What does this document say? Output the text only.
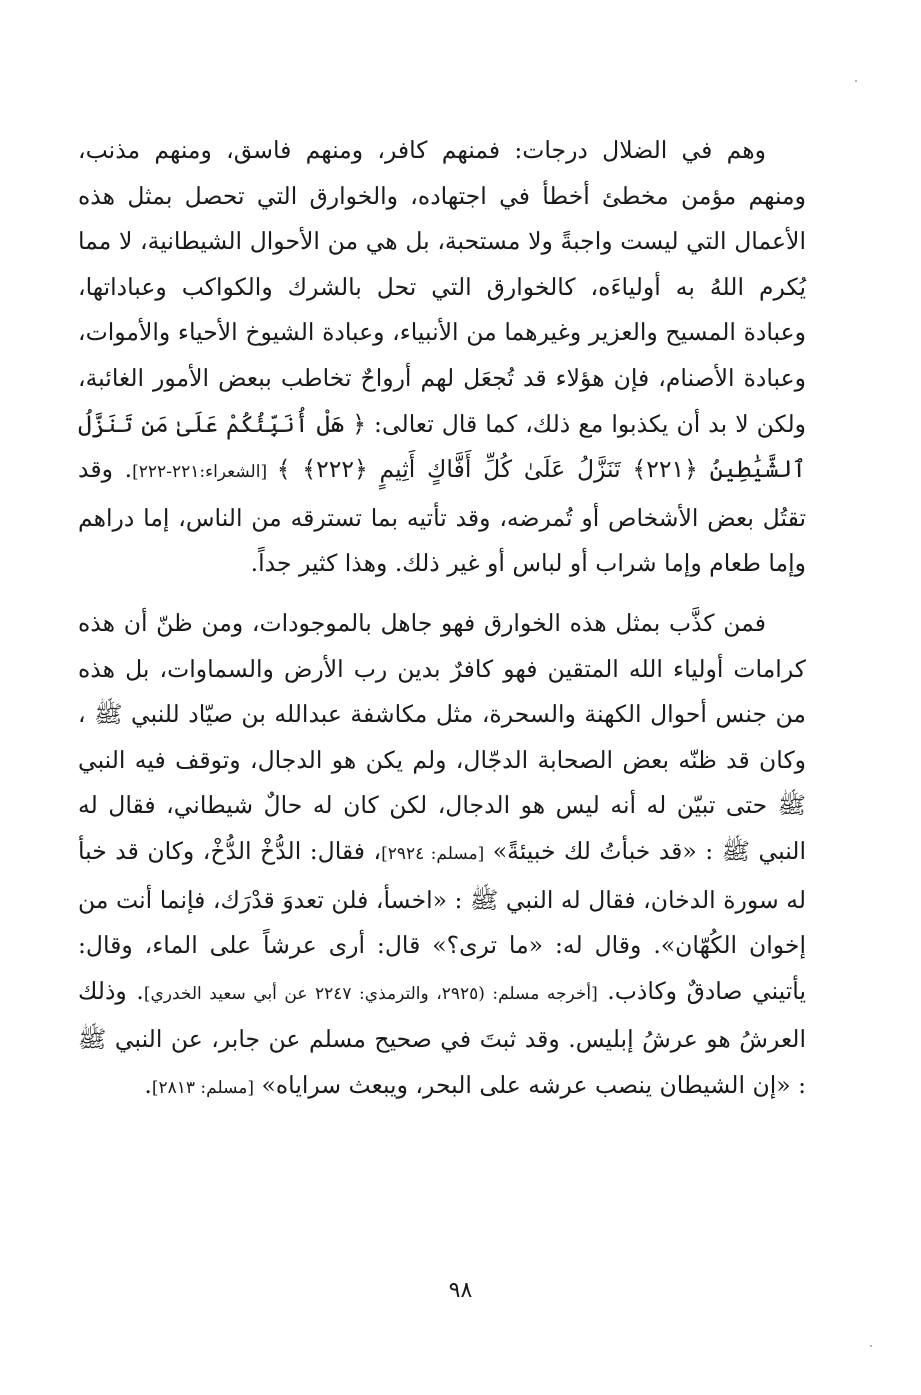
وهم في الضلال درجات: فمنهم كافر، ومنهم فاسق، ومنهم مذنب، ومنهم مؤمن مخطئ أخطأ في اجتهاده، والخوارق التي تحصل بمثل هذه الأعمال التي ليست واجبةً ولا مستحبة، بل هي من الأحوال الشيطانية، لا مما يُكرم اللهُ به أولياءَه، كالخوارق التي تحل بالشرك والكواكب وعباداتها، وعبادة المسيح والعزير وغيرهما من الأنبياء، وعبادة الشيوخ الأحياء والأموات، وعبادة الأصنام، فإن هؤلاء قد تُجعَل لهم أرواحٌ تخاطب ببعض الأمور الغائبة، ولكن لا بد أن يكذبوا مع ذلك، كما قال تعالى: ﴿ هَلْ أُنَبِّئُكُمْ عَلَىٰ مَن تَنَزَّلُ ٱلشَّيَٰطِينُ ﴿٢٢١﴾ تَنَزَّلُ عَلَىٰ كُلِّ أَفَّاكٍ أَثِيمٍ ﴿٢٢٢﴾ ﴾ [الشعراء:٢٢١-٢٢٢]. وقد تقتُل بعض الأشخاص أو تُمرضه، وقد تأتيه بما تسترقه من الناس، إما دراهم وإما طعام وإما شراب أو لباس أو غير ذلك. وهذا كثير جداً.

فمن كذَّب بمثل هذه الخوارق فهو جاهل بالموجودات، ومن ظنّ أن هذه كرامات أولياء الله المتقين فهو كافرٌ بدين رب الأرض والسماوات، بل هذه من جنس أحوال الكهنة والسحرة، مثل مكاشفة عبدالله بن صيّاد للنبي ﷺ ، وكان قد ظنّه بعض الصحابة الدجّال، ولم يكن هو الدجال، وتوقف فيه النبي ﷺ حتى تبيّن له أنه ليس هو الدجال، لكن كان له حالٌ شيطاني، فقال له النبي ﷺ : «قد خبأتُ لك خبيئةً» [مسلم: ٢٩٢٤]، فقال: الدُّخْ الدُّخْ، وكان قد خبأ له سورة الدخان، فقال له النبي ﷺ : «اخسأ، فلن تعدوَ قدْرَك، فإنما أنت من إخوان الكُهّان». وقال له: «ما ترى؟» قال: أرى عرشاً على الماء، وقال: يأتيني صادقٌ وكاذب. [أخرجه مسلم: (٢٩٢٥، والترمذي: ٢٢٤٧ عن أبي سعيد الخدري]. وذلك العرشُ هو عرشُ إبليس. وقد ثبتَ في صحيح مسلم عن جابر، عن النبي ﷺ : «إن الشيطان ينصب عرشه على البحر، ويبعث سراياه» [مسلم: ٢٨١٣].

٩٨
